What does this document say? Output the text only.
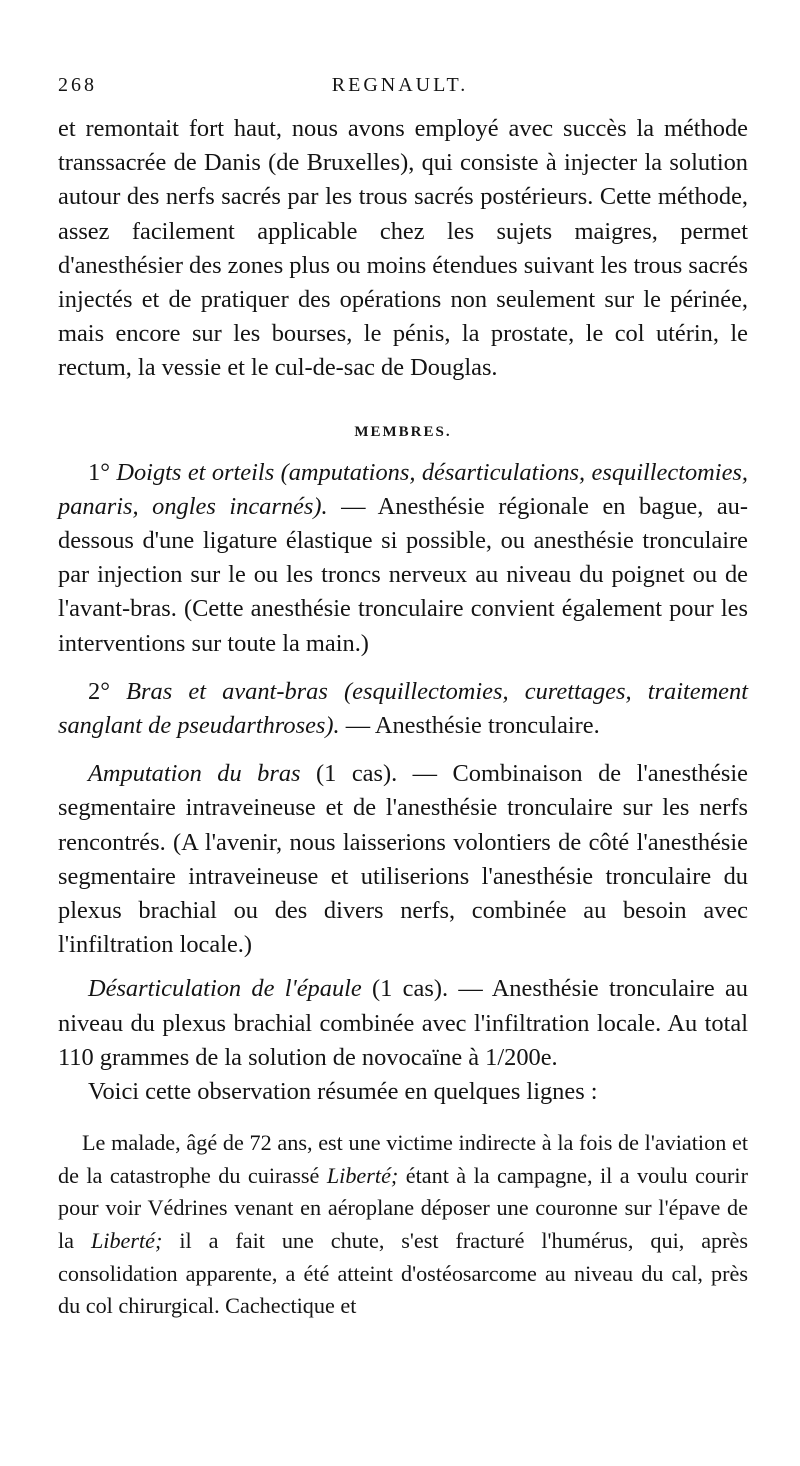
268	REGNAULT.

et remontait fort haut, nous avons employé avec succès la méthode transsacrée de Danis (de Bruxelles), qui consiste à injecter la solution autour des nerfs sacrés par les trous sacrés postérieurs. Cette méthode, assez facilement applicable chez les sujets maigres, permet d'anesthésier des zones plus ou moins étendues suivant les trous sacrés injectés et de pratiquer des opérations non seulement sur le périnée, mais encore sur les bourses, le pénis, la prostate, le col utérin, le rectum, la vessie et le cul-de-sac de Douglas.

MEMBRES.

1° Doigts et orteils (amputations, désarticulations, esquillectomies, panaris, ongles incarnés). — Anesthésie régionale en bague, au-dessous d'une ligature élastique si possible, ou anesthésie tronculaire par injection sur le ou les troncs nerveux au niveau du poignet ou de l'avant-bras. (Cette anesthésie tronculaire convient également pour les interventions sur toute la main.)

2° Bras et avant-bras (esquillectomies, curettages, traitement sanglant de pseudarthroses). — Anesthésie tronculaire.

Amputation du bras (1 cas). — Combinaison de l'anesthésie segmentaire intraveineuse et de l'anesthésie tronculaire sur les nerfs rencontrés. (A l'avenir, nous laisserions volontiers de côté l'anesthésie segmentaire intraveineuse et utiliserions l'anesthésie tronculaire du plexus brachial ou des divers nerfs, combinée au besoin avec l'infiltration locale.)

Désarticulation de l'épaule (1 cas). — Anesthésie tronculaire au niveau du plexus brachial combinée avec l'infiltration locale. Au total 110 grammes de la solution de novocaïne à 1/200e.

Voici cette observation résumée en quelques lignes :

Le malade, âgé de 72 ans, est une victime indirecte à la fois de l'aviation et de la catastrophe du cuirassé Liberté; étant à la campagne, il a voulu courir pour voir Védrines venant en aéroplane déposer une couronne sur l'épave de la Liberté; il a fait une chute, s'est fracturé l'humérus, qui, après consolidation apparente, a été atteint d'ostéosarcome au niveau du cal, près du col chirurgical. Cachectique et
